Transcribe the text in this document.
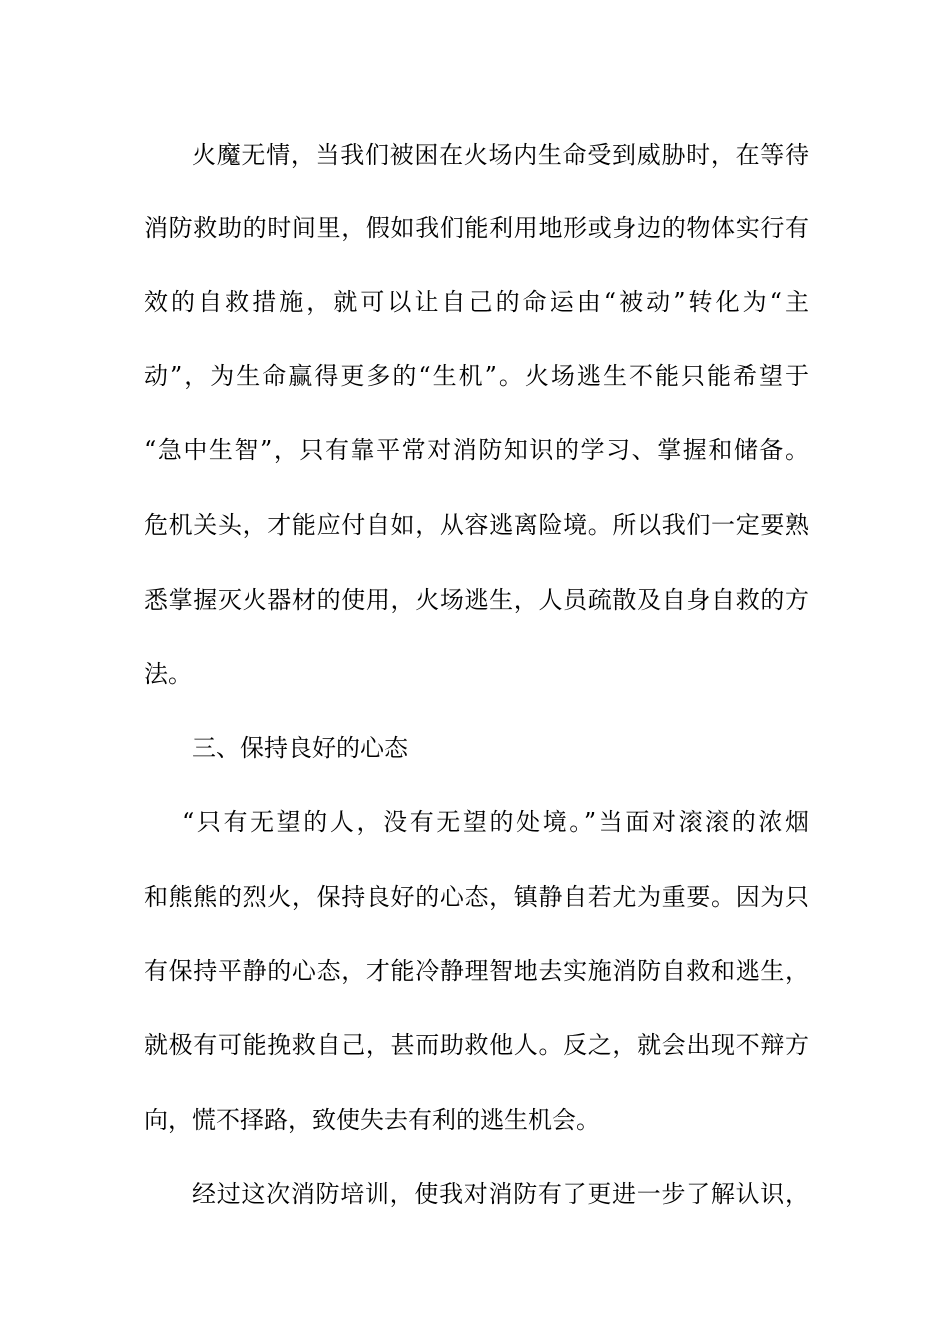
火魔无情，当我们被困在火场内生命受到威胁时，在等待
消防救助的时间里，假如我们能利用地形或身边的物体实行有
效的自救措施，就可以让自己的命运由“被动”转化为“主
动”，为生命赢得更多的“生机”。火场逃生不能只能希望于
“急中生智”，只有靠平常对消防知识的学习、掌握和储备。
危机关头，才能应付自如，从容逃离险境。所以我们一定要熟
悉掌握灭火器材的使用，火场逃生，人员疏散及自身自救的方
法。
三、保持良好的心态
“只有无望的人，没有无望的处境。”当面对滚滚的浓烟
和熊熊的烈火，保持良好的心态，镇静自若尤为重要。因为只
有保持平静的心态，才能冷静理智地去实施消防自救和逃生，
就极有可能挽救自己，甚而助救他人。反之，就会出现不辩方
向，慌不择路，致使失去有利的逃生机会。
经过这次消防培训，使我对消防有了更进一步了解认识，
